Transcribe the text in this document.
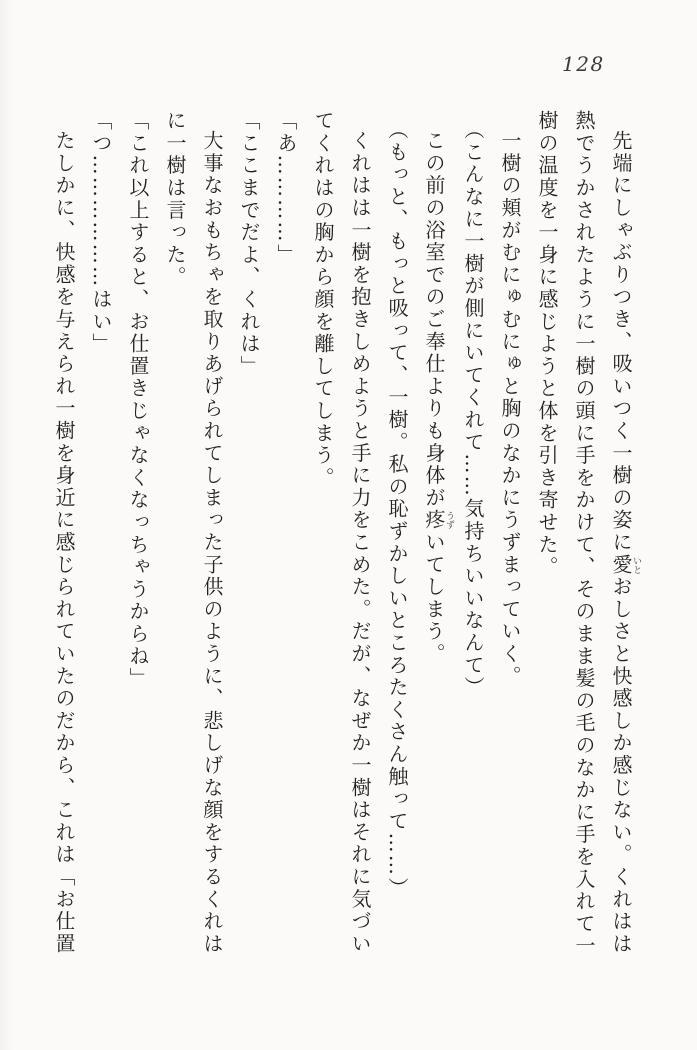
128

先端にしゃぶりつき、吸いつく一樹の姿に愛いとおしさと快感しか感じない。くれはは熱でうかされたように一樹の頭に手をかけて、そのまま髪の毛のなかに手を入れて一樹の温度を一身に感じようと体を引き寄せた。

一樹の頬がむにゅむにゅと胸のなかにうずまっていく。

（こんなに一樹が側にいてくれて……気持ちいいなんて）

この前の浴室でのご奉仕よりも身体が疼うずいてしまう。

（もっと、もっと吸って、一樹。私の恥ずかしいところたくさん触って……）

くれはは一樹を抱きしめようと手に力をこめた。だが、なぜか一樹はそれに気づいてくれはの胸から顔を離してしまう。

「あ…………」

「ここまでだよ、くれは」

大事なおもちゃを取りあげられてしまった子供のように、悲しげな顔をするくれはに一樹は言った。

「これ以上すると、お仕置きじゃなくなっちゃうからね」

「つ………………はい」

たしかに、快感を与えられ一樹を身近に感じられていたのだから、これは「お仕置
